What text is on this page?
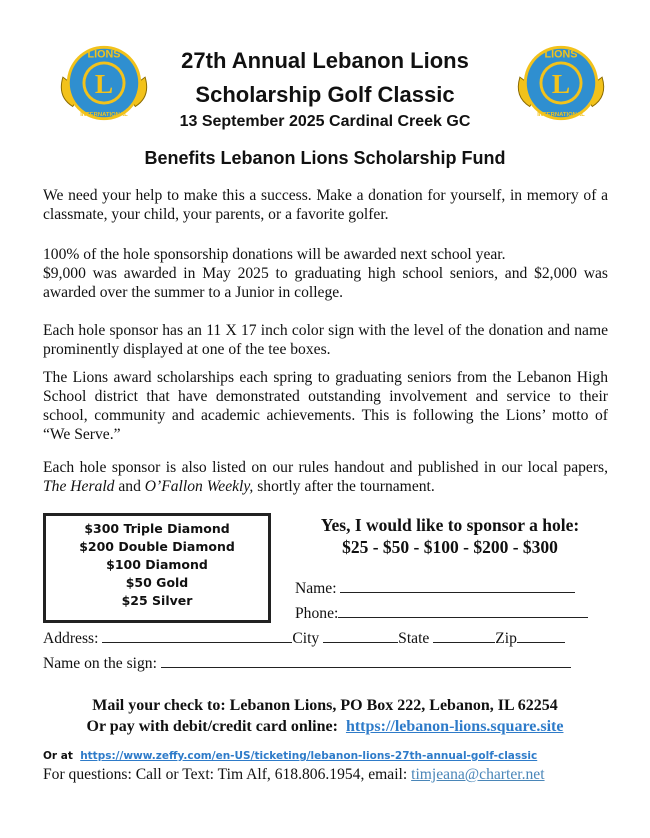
L
LIONS
INTERNATIONAL
L
LIONS
INTERNATIONAL
27th Annual Lebanon Lions
Scholarship Golf Classic
13 September 2025 Cardinal Creek GC
Benefits Lebanon Lions Scholarship Fund
We need your help to make this a success. Make a donation for yourself, in memory of a classmate, your child, your parents, or a favorite golfer.
100% of the hole sponsorship donations will be awarded next school year.
$9,000 was awarded in May 2025 to graduating high school seniors, and $2,000 was awarded over the summer to a Junior in college.
Each hole sponsor has an 11 X 17 inch color sign with the level of the donation and name prominently displayed at one of the tee boxes.
The Lions award scholarships each spring to graduating seniors from the Lebanon High School district that have demonstrated outstanding involvement and service to their school, community and academic achievements. This is following the Lions’ motto of “We Serve.”
Each hole sponsor is also listed on our rules handout and published in our local papers, The Herald and O’Fallon Weekly, shortly after the tournament.
$300 Triple Diamond
$200 Double Diamond
$100 Diamond
$50 Gold
$25 Silver
Yes, I would like to sponsor a hole:
$25 - $50 - $100 - $200 - $300
Name:
Phone:
Address:	City	State	Zip
Name on the sign:
Mail your check to: Lebanon Lions, PO Box 222, Lebanon, IL 62254
Or pay with debit/credit card online: https://lebanon-lions.square.site
Or at https://www.zeffy.com/en-US/ticketing/lebanon-lions-27th-annual-golf-classic
For questions: Call or Text: Tim Alf, 618.806.1954, email: timjeana@charter.net
